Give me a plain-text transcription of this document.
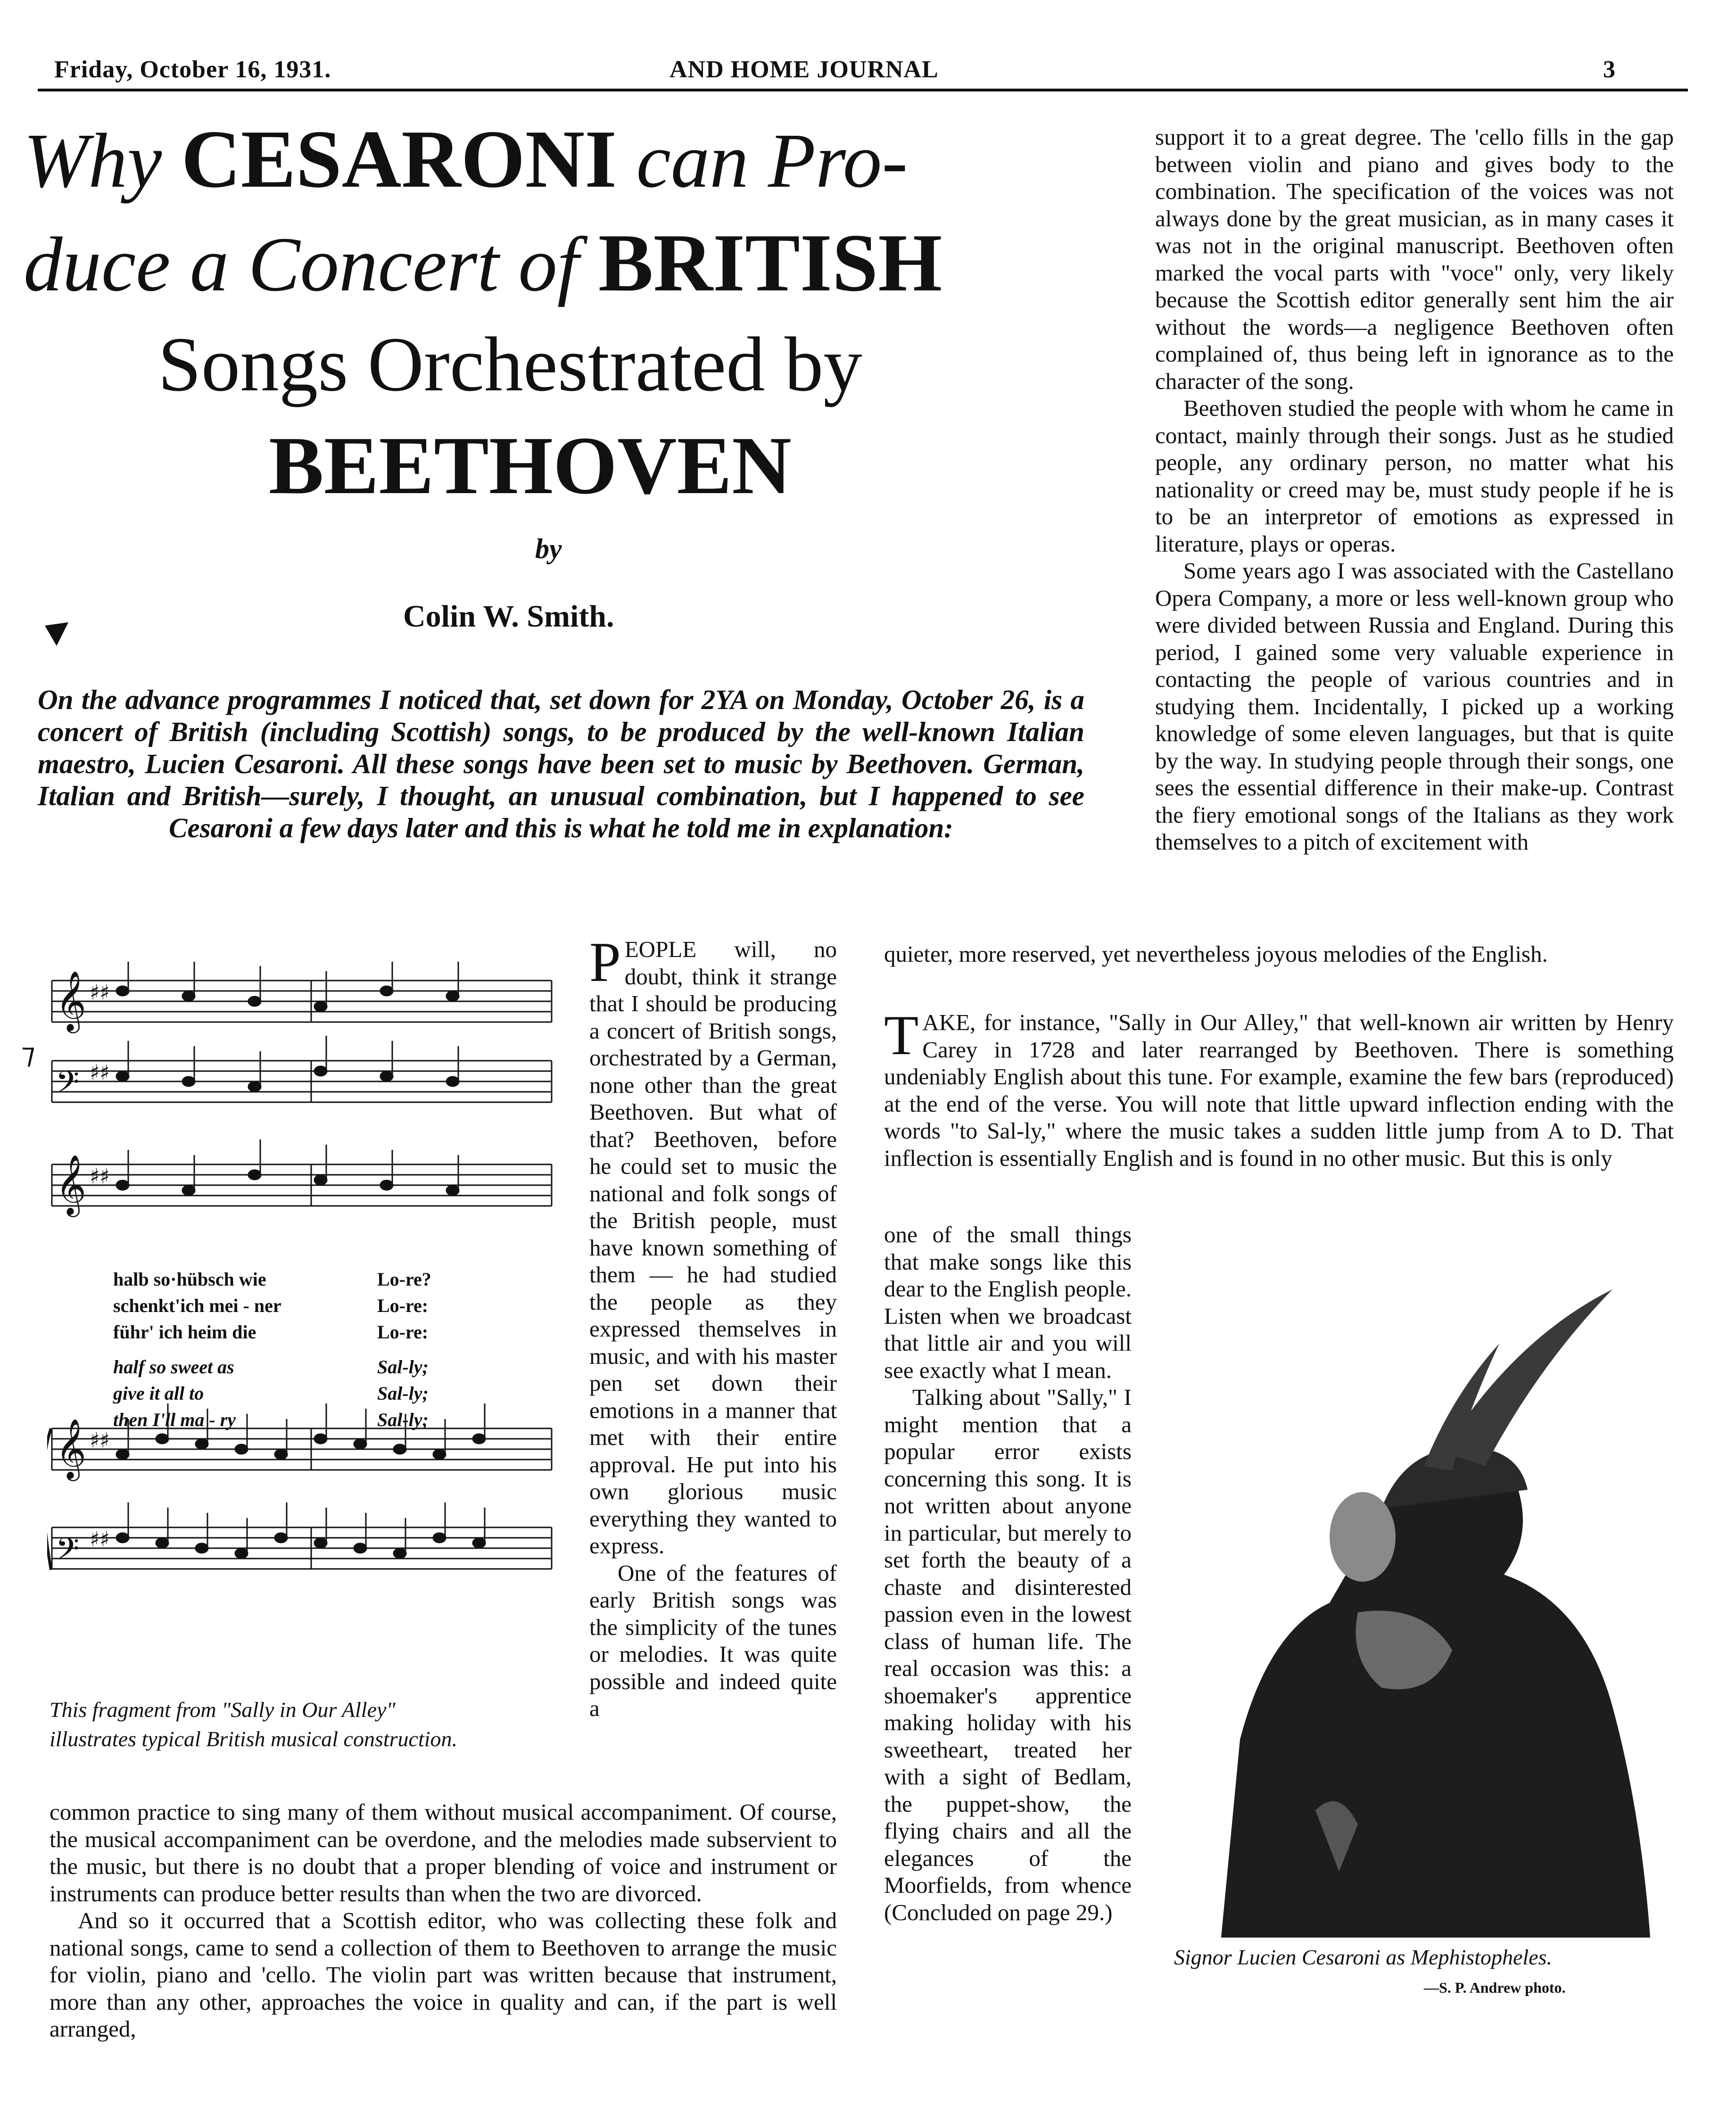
Friday, October 16, 1931.	AND HOME JOURNAL	3
Why CESARONI can Pro-
duce a Concert of BRITISH
Songs Orchestrated by
BEETHOVEN
by
Colin W. Smith.
On the advance programmes I noticed that, set down for 2YA on Monday, October 26, is a concert of British (including Scottish) songs, to be produced by the well-known Italian maestro, Lucien Cesaroni. All these songs have been set to music by Beethoven. German, Italian and British—surely, I thought, an unusual combination, but I happened to see Cesaroni a few days later and this is what he told me in explanation:
𝄞 ♯♯
𝄢 ♯♯
𝄞 ♯♯
𝄞 ♯♯
𝄢 ♯♯
⁊
halb so·hübsch wie	Lo-re?
schenkt'ich mei - ner	Lo-re:
führ' ich heim die	Lo-re:
half so sweet as	Sal-ly;
give it all to	Sal-ly;
then I'll ma - ry	Sal-ly;
This fragment from "Sally in Our Alley"
illustrates typical British musical construction.

PEOPLE will, no doubt, think it strange that I should be producing a concert of British songs, orchestrated by a German, none other than the great Beethoven. But what of that? Beethoven, before he could set to music the national and folk songs of the British people, must have known something of them — he had studied the people as they expressed themselves in music, and with his master pen set down their emotions in a manner that met with their entire approval. He put into his own glorious music everything they wanted to express.

One of the features of early British songs was the simplicity of the tunes or melodies. It was quite possible and indeed quite a

common practice to sing many of them without musical accompaniment. Of course, the musical accompaniment can be overdone, and the melodies made subservient to the music, but there is no doubt that a proper blending of voice and instrument or instruments can produce better results than when the two are divorced.

And so it occurred that a Scottish editor, who was collecting these folk and national songs, came to send a collection of them to Beethoven to arrange the music for violin, piano and 'cello. The violin part was written because that instrument, more than any other, approaches the voice in quality and can, if the part is well arranged,

support it to a great degree. The 'cello fills in the gap between violin and piano and gives body to the combination. The specification of the voices was not always done by the great musician, as in many cases it was not in the original manuscript. Beethoven often marked the vocal parts with "voce" only, very likely because the Scottish editor generally sent him the air without the words—a negligence Beethoven often complained of, thus being left in ignorance as to the character of the song.

Beethoven studied the people with whom he came in contact, mainly through their songs. Just as he studied people, any ordinary person, no matter what his nationality or creed may be, must study people if he is to be an interpretor of emotions as expressed in literature, plays or operas.

Some years ago I was associated with the Castellano Opera Company, a more or less well-known group who were divided between Russia and England. During this period, I gained some very valuable experience in contacting the people of various countries and in studying them. Incidentally, I picked up a working knowledge of some eleven languages, but that is quite by the way. In studying people through their songs, one sees the essential difference in their make-up. Contrast the fiery emotional songs of the Italians as they work themselves to a pitch of excitement with

quieter, more reserved, yet nevertheless joyous melodies of the English.

TAKE, for instance, "Sally in Our Alley," that well-known air written by Henry Carey in 1728 and later rearranged by Beethoven. There is something undeniably English about this tune. For example, examine the few bars (reproduced) at the end of the verse. You will note that little upward inflection ending with the words "to Sal-ly," where the music takes a sudden little jump from A to D. That inflection is essentially English and is found in no other music. But this is only

one of the small things that make songs like this dear to the English people. Listen when we broadcast that little air and you will see exactly what I mean.

Talking about "Sally," I might mention that a popular error exists concerning this song. It is not written about anyone in particular, but merely to set forth the beauty of a chaste and disinterested passion even in the lowest class of human life. The real occasion was this: a shoemaker's apprentice making holiday with his sweetheart, treated her with a sight of Bedlam, the puppet-show, the flying chairs and all the elegances of the Moorfields, from whence (Concluded on page 29.)

Signor Lucien Cesaroni as Mephistopheles.
—S. P. Andrew photo.
